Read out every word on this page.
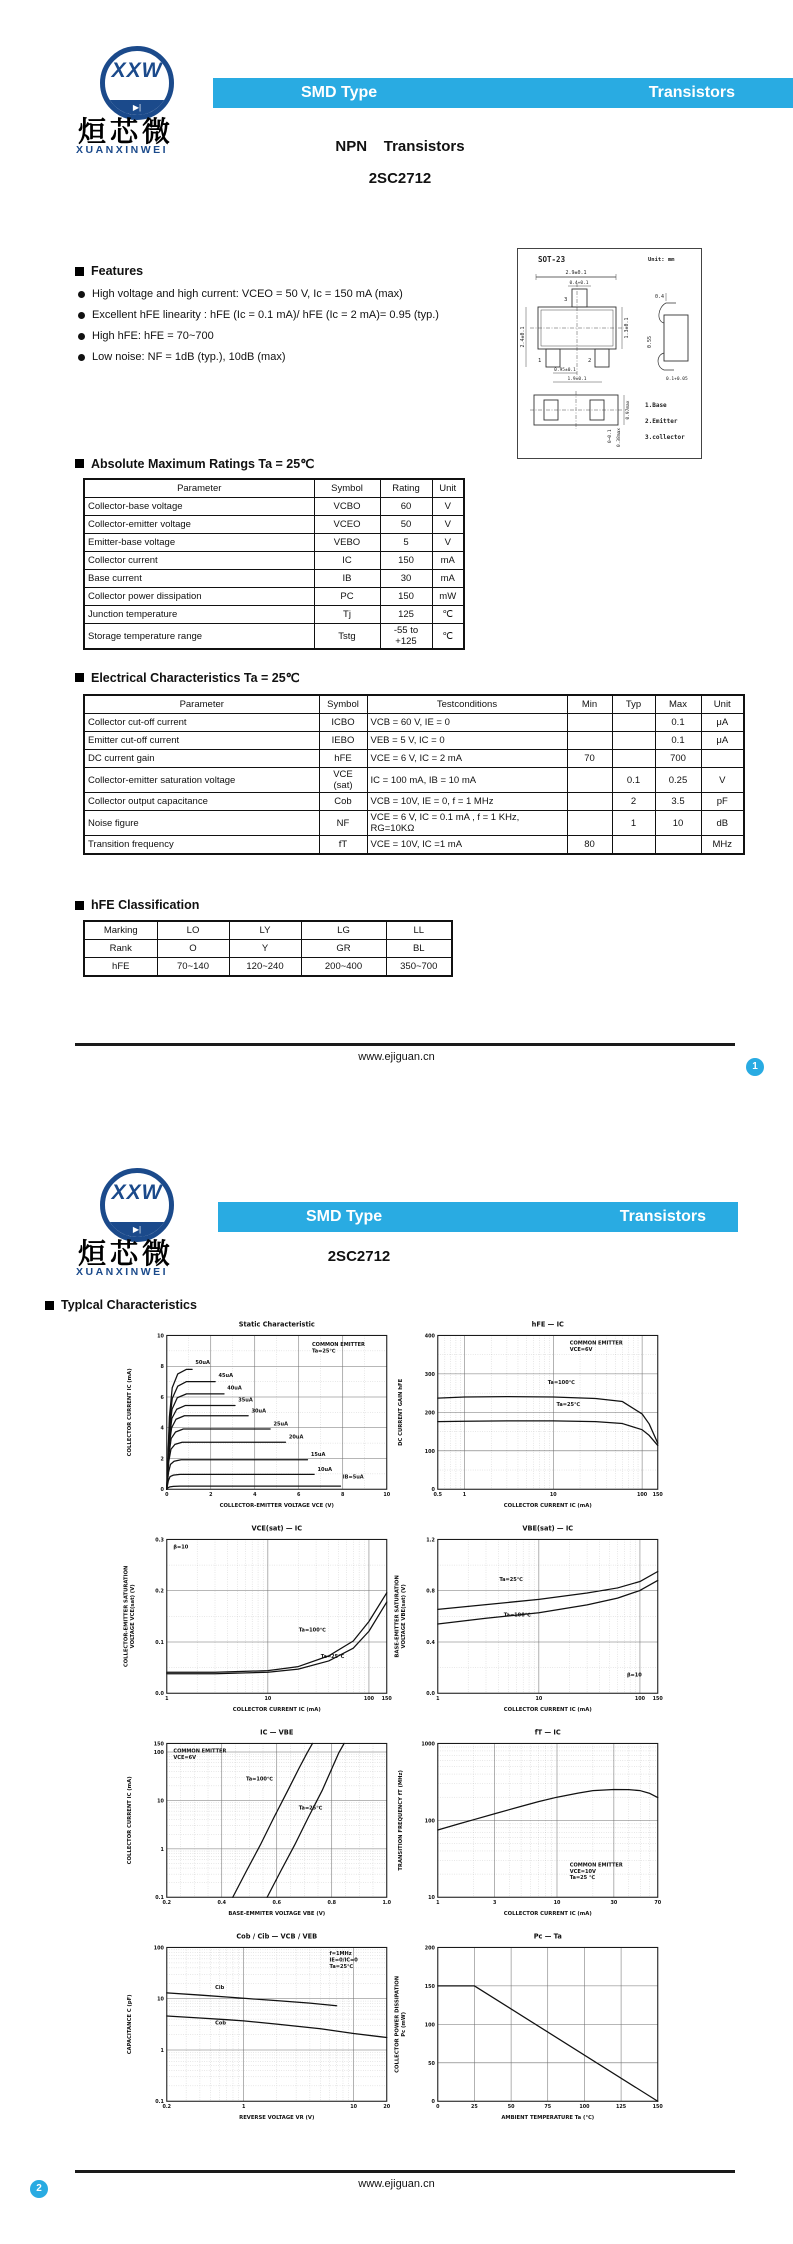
XXW
▶|
烜芯微
XUANXINWEI
SMD Type	Transistors
NPN    Transistors
2SC2712
Features
High voltage and high current: VCEO = 50 V, Ic = 150 mA (max)
Excellent hFE linearity : hFE (Ic = 0.1 mA)/ hFE (Ic = 2 mA)= 0.95 (typ.)
High hFE: hFE = 70~700
Low noise: NF = 1dB (typ.), 10dB (max)
SOT-23	Unit: mm
2.9±0.1
0.4+0.1
3
1	2
2.4±0.1	1.3±0.1
0.95±0.1
1.9±0.1
0.4
0.55
0.1+0.05
0.97max
0~0.1 0.38max
1.Base
2.Emitter
3.collector
Absolute Maximum Ratings Ta = 25℃
Parameter	Symbol	Rating	Unit
Collector-base voltage	VCBO	60	V
Collector-emitter voltage	VCEO	50	V
Emitter-base voltage	VEBO	5	V
Collector current	IC	150	mA
Base current	IB	30	mA
Collector power dissipation	PC	150	mW
Junction temperature	Tj	125	℃
Storage temperature range	Tstg	-55 to +125	℃
Electrical Characteristics Ta = 25℃
Parameter	Symbol	Testconditions	Min	Typ	Max	Unit
Collector cut-off current	ICBO	VCB = 60 V, IE = 0			0.1	μA
Emitter cut-off current	IEBO	VEB = 5 V, IC = 0			0.1	μA
DC current gain	hFE	VCE = 6 V, IC = 2 mA	70		700	
Collector-emitter saturation voltage	VCE (sat)	IC = 100 mA, IB = 10 mA		0.1	0.25	V
Collector output capacitance	Cob	VCB = 10V, IE = 0, f = 1 MHz		2	3.5	pF
Noise figure	NF	VCE = 6 V, IC = 0.1 mA , f = 1 KHz, RG=10KΩ		1	10	dB
Transition frequency	fT	VCE = 10V, IC =1 mA	80			MHz
hFE Classification
Marking	LO	LY	LG	LL
Rank	O	Y	GR	BL
hFE	70~140	120~240	200~400	350~700
www.ejiguan.cn
1
XXW
▶|
烜芯微
XUANXINWEI
SMD Type	Transistors
2SC2712
Typlcal Characteristics
0	2	4	6	8	10
0
2
4
6
8
10
COMMON EMITTER Ta=25℃
50uA
45uA
40uA
35uA
30uA
25uA
20uA
15uA
10uA
IB=5uA
Static Characteristic
COLLECTOR-EMITTER VOLTAGE VCE (V)
COLLECTOR CURRENT IC (mA)
0.5	1	10	100 150
0
100
200
300
400
COMMON EMITTER VCE=6V
Ta=100℃
Ta=25℃
hFE — IC
COLLECTOR CURRENT IC (mA)
DC CURRENT GAIN hFE
1	10	100 150
0.0
0.1
0.2
0.3
β=10
Ta=100℃
Ta=25℃
VCE(sat) — IC
COLLECTOR CURRENT IC (mA)
COLLECTOR-EMITTER SATURATIONVOLTAGE VCE(sat) (V)
1	10	100 150
0.0
0.4
0.8
1.2
Ta=25℃
Ta=100℃
β=10
VBE(sat) — IC
COLLECTOR CURRENT IC (mA)
BASE-EMITTER SATURATIONVOLTAGE VBE(sat) (V)
0.2	0.4	0.6	0.8	1.0
0.1
1
10
100
150
COMMON EMITTER VCE=6V
Ta=100℃
Ta=25℃
IC — VBE
BASE-EMMITER VOLTAGE VBE (V)
COLLECTOR CURRENT IC (mA)
1	3	10	30	70
10
100
1000
COMMON EMITTER VCE=10V Ta=25 ℃
fT — IC
COLLECTOR CURRENT IC (mA)
TRANSITION FREQUENCY fT (MHz)
0.2	1	10	20
0.1
1
10
100
f=1MHz IE=0/IC=0 Ta=25℃
Cib
Cob
Cob / Cib — VCB / VEB
REVERSE VOLTAGE VR (V)
CAPACITANCE C (pF)
0	25	50	75	100	125	150
0
50
100
150
200
Pc — Ta
AMBIENT TEMPERATURE Ta (℃)
COLLECTOR POWER DISSIPATIONPc (mW)
www.ejiguan.cn
2
